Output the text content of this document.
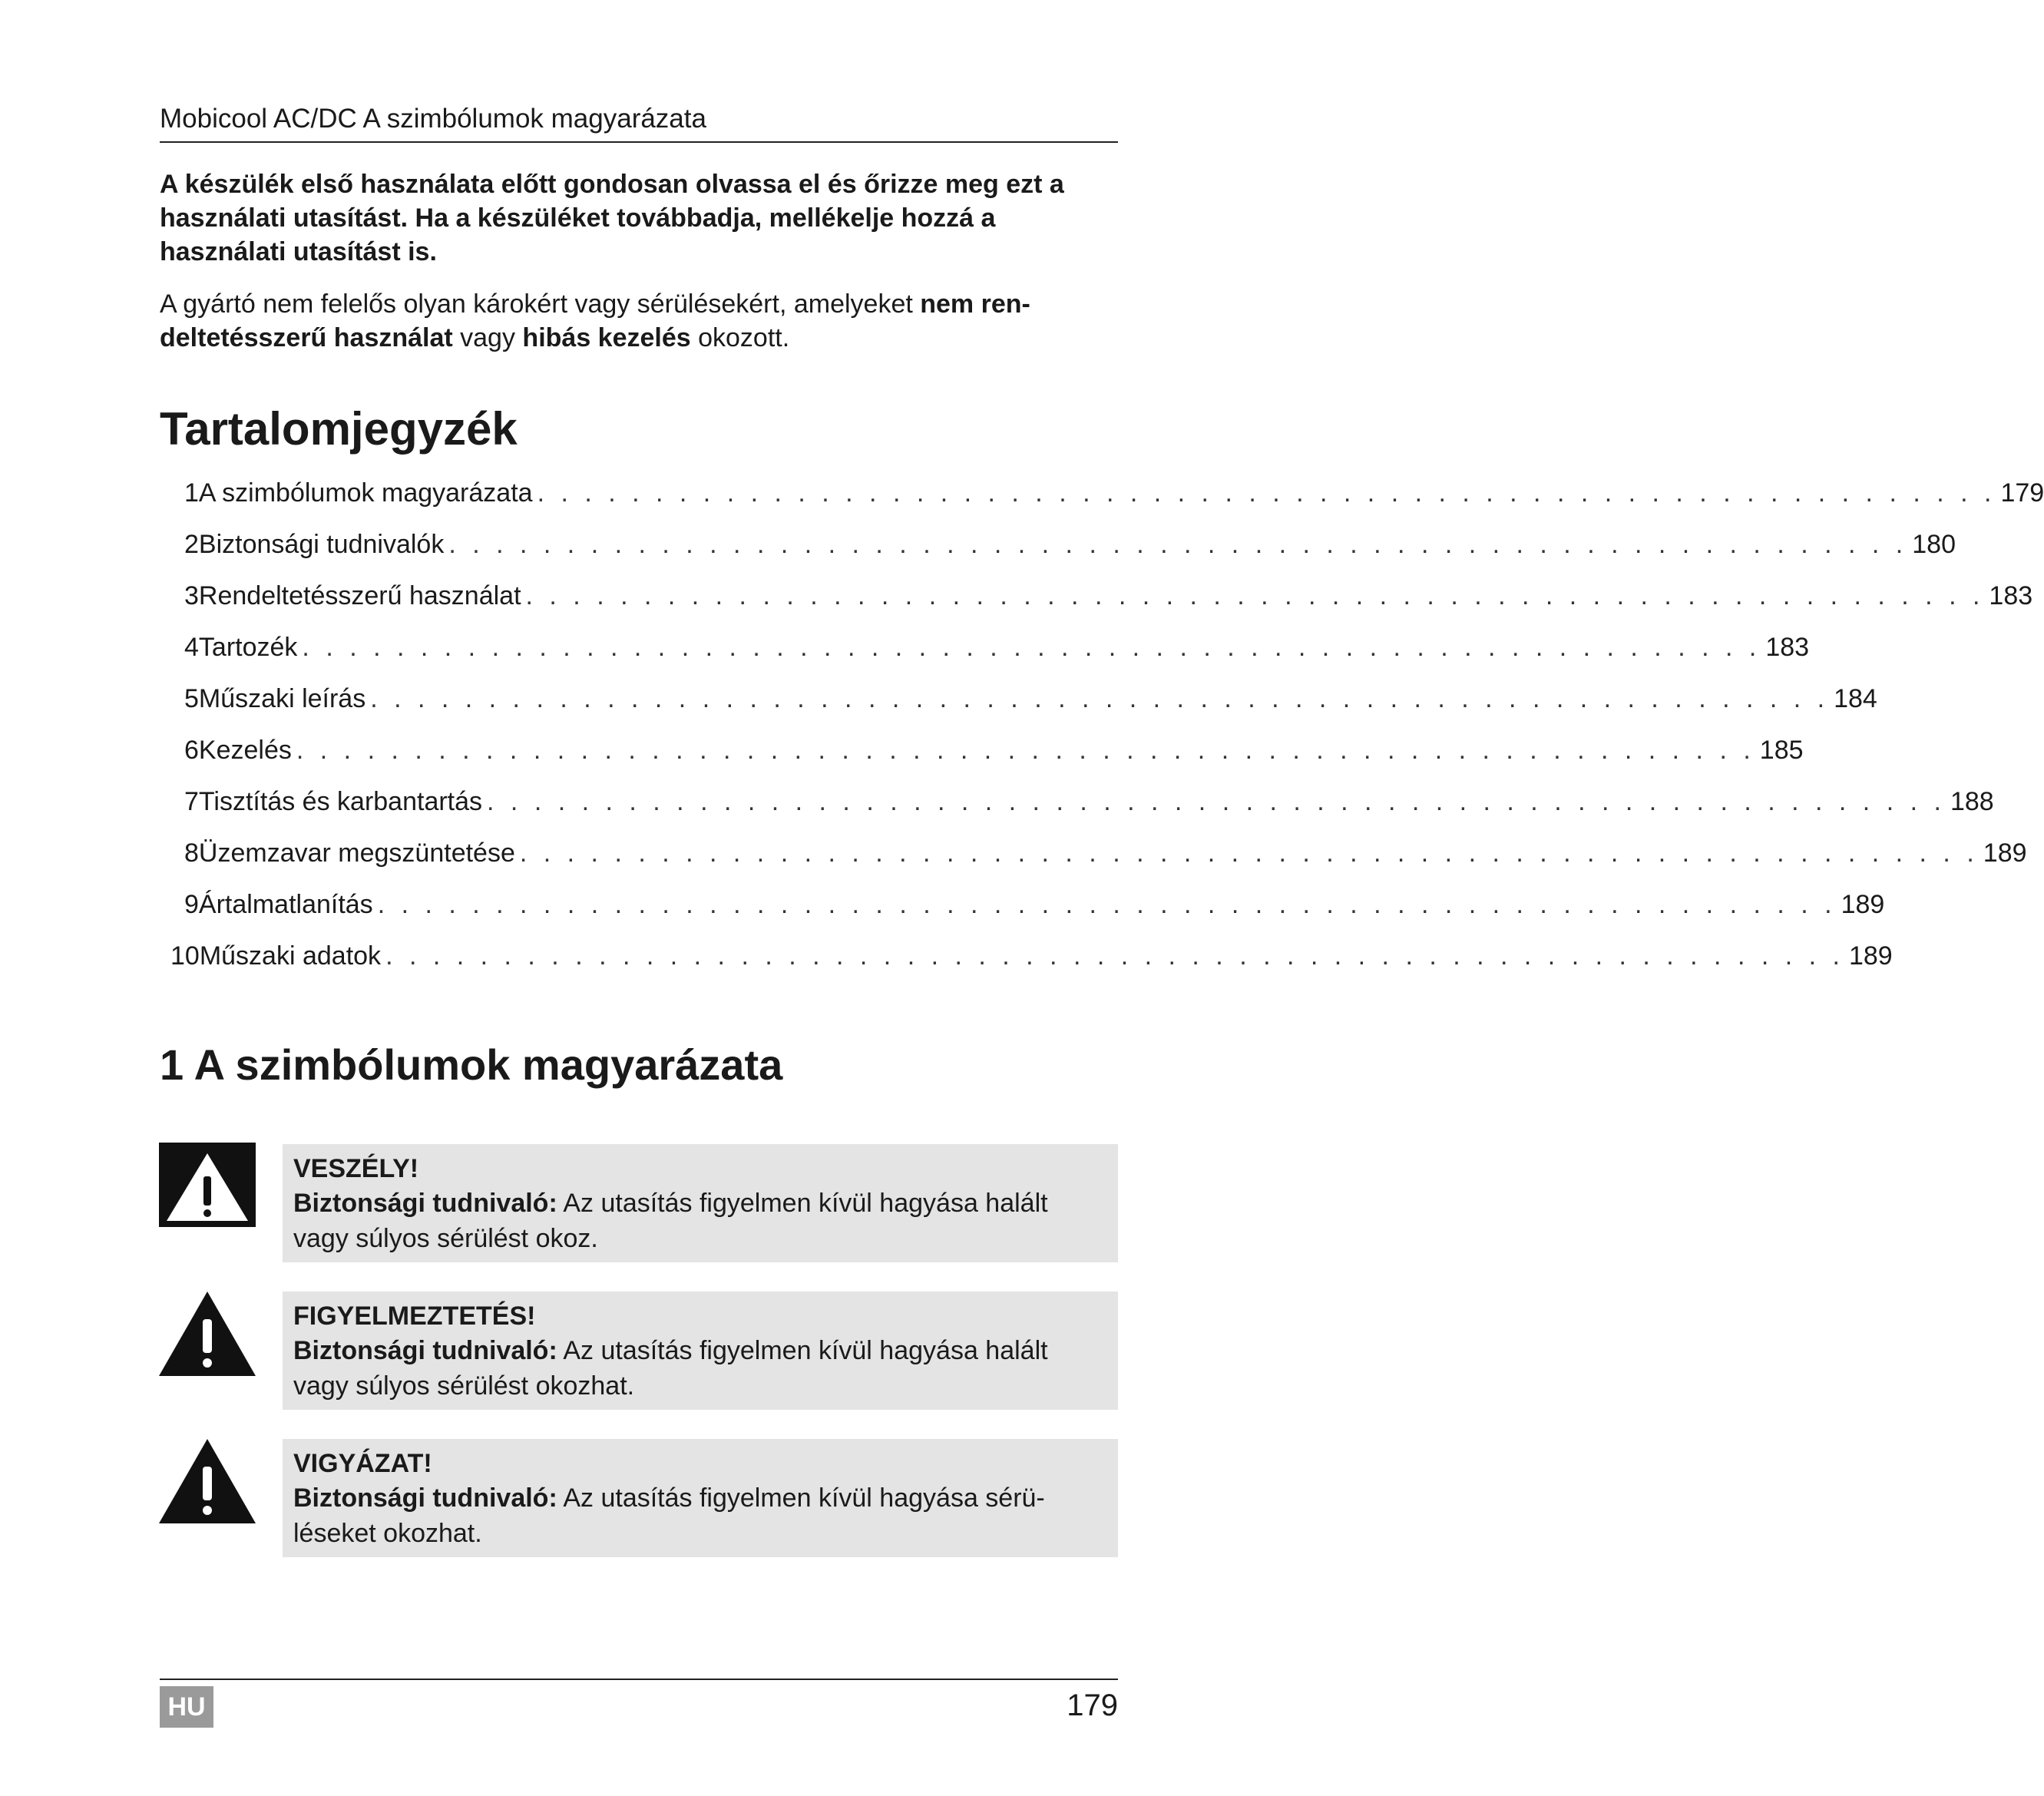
Mobicool AC/DC A szimbólumok magyarázata

A készülék első használata előtt gondosan olvassa el és őrizze meg ezt a használati utasítást. Ha a készüléket továbbadja, mellékelje hozzá a használati utasítást is.

A gyártó nem felelős olyan károkért vagy sérülésekért, amelyeket nem ren-deltetésszerű használat vagy hibás kezelés okozott.

Tartalomjegyzék
1 A szimbólumok magyarázata . . . . . . . . . . . . . . . . . . . . . . . . . . . . . . . . . . . . . . . . . . . . . . . . . . . . . . . . . . . . . . 179
2 Biztonsági tudnivalók . . . . . . . . . . . . . . . . . . . . . . . . . . . . . . . . . . . . . . . . . . . . . . . . . . . . . . . . . . . . . . 180
3 Rendeltetésszerű használat . . . . . . . . . . . . . . . . . . . . . . . . . . . . . . . . . . . . . . . . . . . . . . . . . . . . . . . . . . . . . . 183
4 Tartozék . . . . . . . . . . . . . . . . . . . . . . . . . . . . . . . . . . . . . . . . . . . . . . . . . . . . . . . . . . . . . . 183
5 Műszaki leírás . . . . . . . . . . . . . . . . . . . . . . . . . . . . . . . . . . . . . . . . . . . . . . . . . . . . . . . . . . . . . . 184
6 Kezelés . . . . . . . . . . . . . . . . . . . . . . . . . . . . . . . . . . . . . . . . . . . . . . . . . . . . . . . . . . . . . . 185
7 Tisztítás és karbantartás . . . . . . . . . . . . . . . . . . . . . . . . . . . . . . . . . . . . . . . . . . . . . . . . . . . . . . . . . . . . . . 188
8 Üzemzavar megszüntetése . . . . . . . . . . . . . . . . . . . . . . . . . . . . . . . . . . . . . . . . . . . . . . . . . . . . . . . . . . . . . . 189
9 Ártalmatlanítás . . . . . . . . . . . . . . . . . . . . . . . . . . . . . . . . . . . . . . . . . . . . . . . . . . . . . . . . . . . . . . 189
10 Műszaki adatok . . . . . . . . . . . . . . . . . . . . . . . . . . . . . . . . . . . . . . . . . . . . . . . . . . . . . . . . . . . . . . 189
1 A szimbólumok magyarázata
VESZÉLY!
Biztonsági tudnivaló: Az utasítás figyelmen kívül hagyása halált vagy súlyos sérülést okoz.
FIGYELMEZTETÉS!
Biztonsági tudnivaló: Az utasítás figyelmen kívül hagyása halált vagy súlyos sérülést okozhat.
VIGYÁZAT!
Biztonsági tudnivaló: Az utasítás figyelmen kívül hagyása sérü-léseket okozhat.
HU	179
